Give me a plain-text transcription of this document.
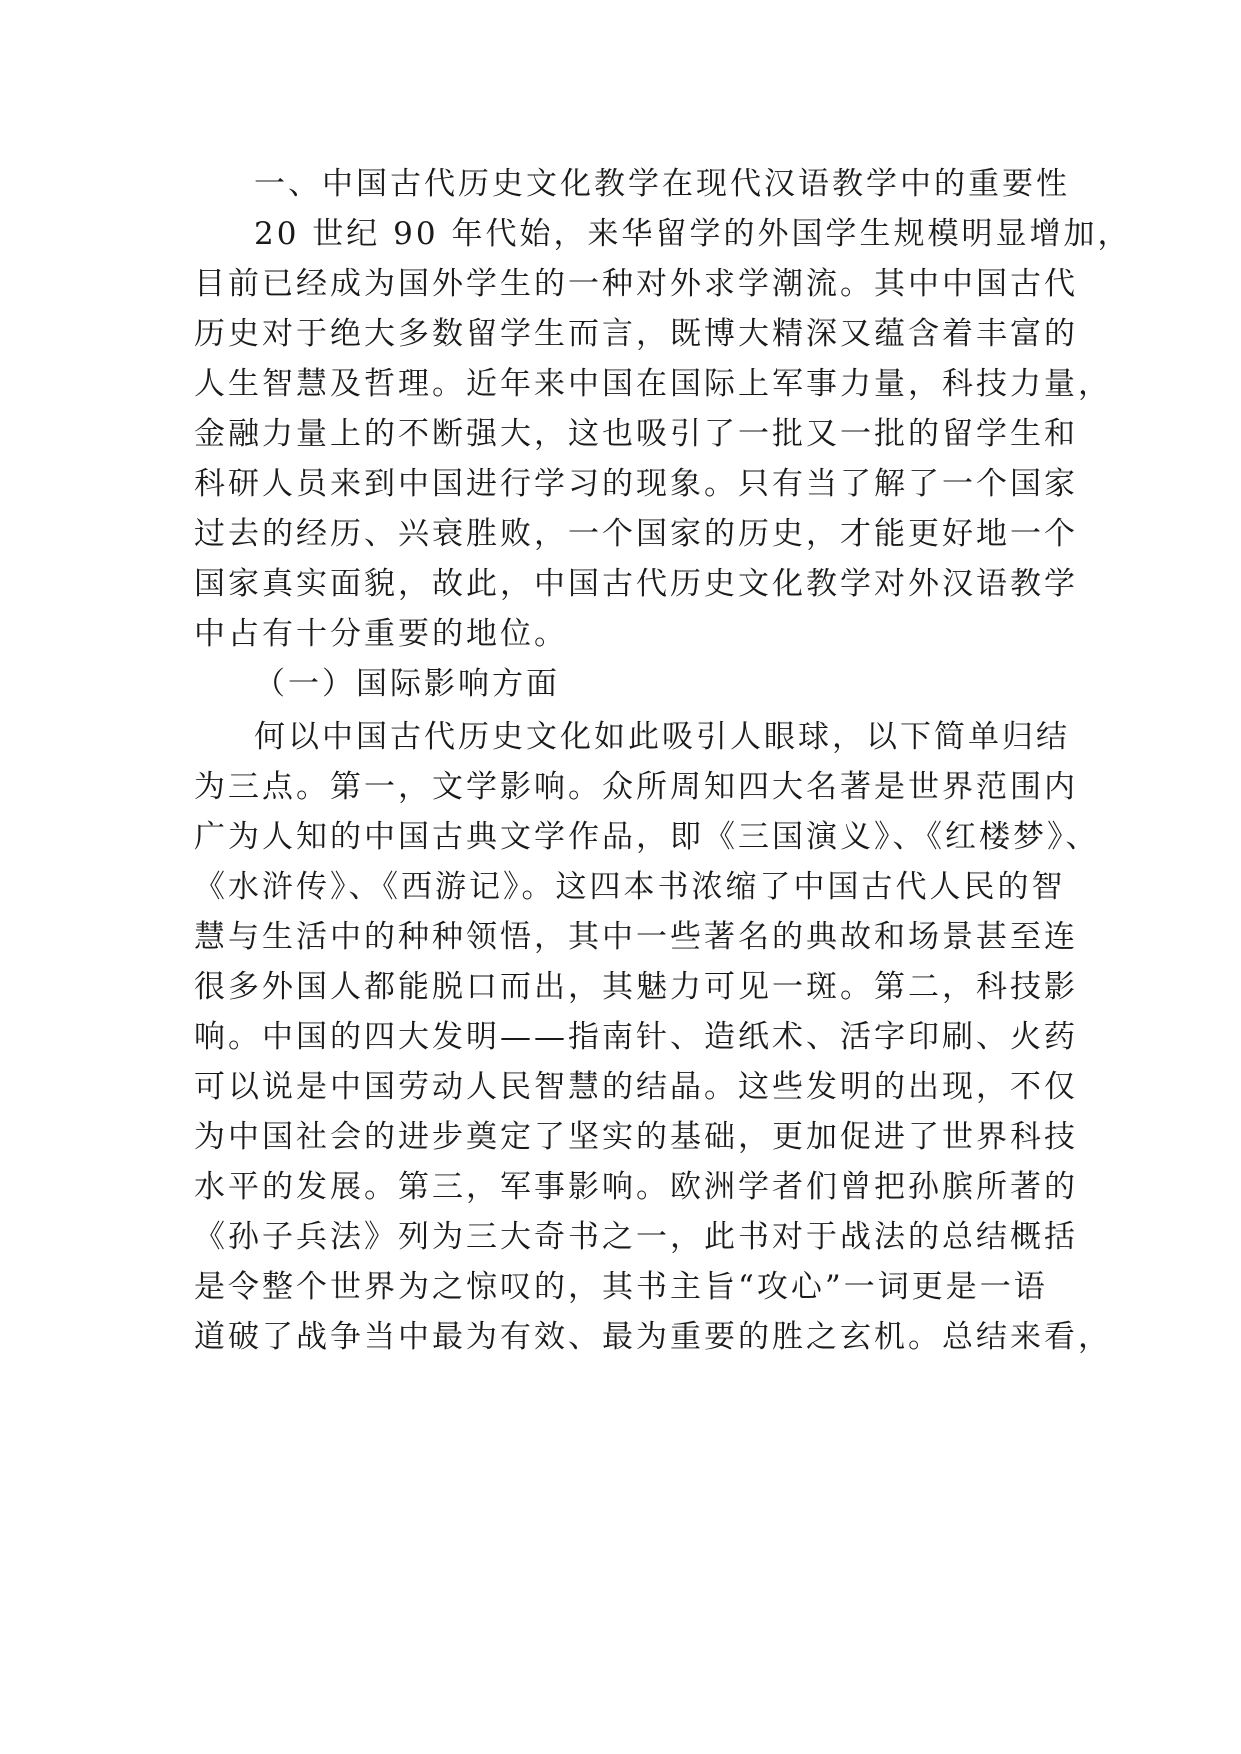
一、中国古代历史文化教学在现代汉语教学中的重要性
20 世纪 90 年代始，来华留学的外国学生规模明显增加，
目前已经成为国外学生的一种对外求学潮流。其中中国古代
历史对于绝大多数留学生而言，既博大精深又蕴含着丰富的
人生智慧及哲理。近年来中国在国际上军事力量，科技力量，
金融力量上的不断强大，这也吸引了一批又一批的留学生和
科研人员来到中国进行学习的现象。只有当了解了一个国家
过去的经历、兴衰胜败，一个国家的历史，才能更好地一个
国家真实面貌，故此，中国古代历史文化教学对外汉语教学
中占有十分重要的地位。
（一）国际影响方面
何以中国古代历史文化如此吸引人眼球，以下简单归结
为三点。第一，文学影响。众所周知四大名著是世界范围内
广为人知的中国古典文学作品，即《三国演义》、《红楼梦》、
《水浒传》、《西游记》。这四本书浓缩了中国古代人民的智
慧与生活中的种种领悟，其中一些著名的典故和场景甚至连
很多外国人都能脱口而出，其魅力可见一斑。第二，科技影
响。中国的四大发明——指南针、造纸术、活字印刷、火药
可以说是中国劳动人民智慧的结晶。这些发明的出现，不仅
为中国社会的进步奠定了坚实的基础，更加促进了世界科技
水平的发展。第三，军事影响。欧洲学者们曾把孙膑所著的
《孙子兵法》列为三大奇书之一，此书对于战法的总结概括
是令整个世界为之惊叹的，其书主旨“攻心”一词更是一语
道破了战争当中最为有效、最为重要的胜之玄机。总结来看，
